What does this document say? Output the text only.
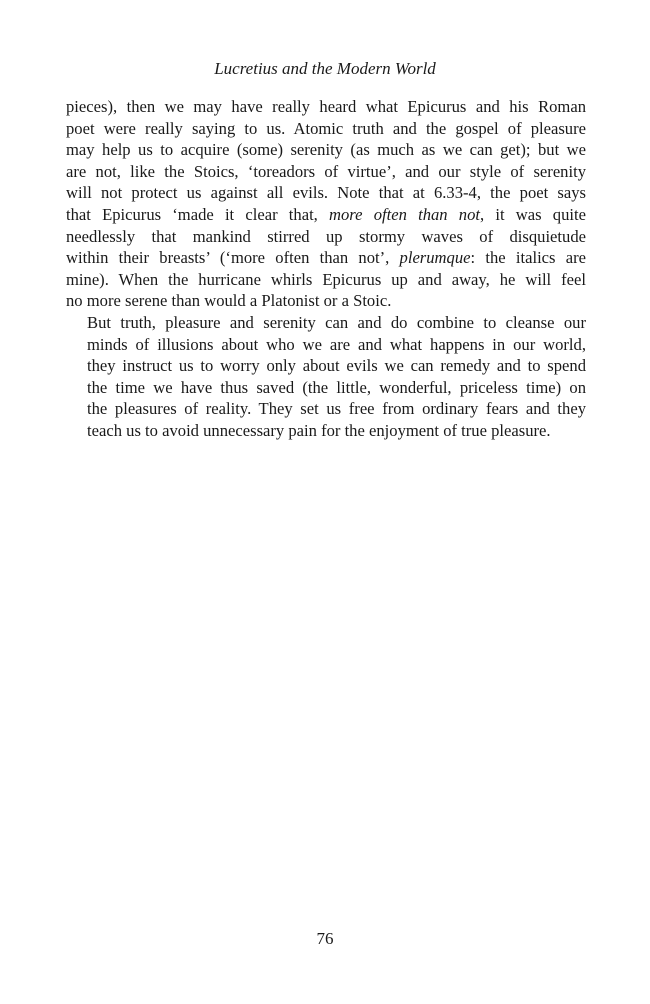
Lucretius and the Modern World

pieces), then we may have really heard what Epicurus and his Roman
poet were really saying to us. Atomic truth and the gospel of pleasure
may help us to acquire (some) serenity (as much as we can get); but we
are not, like the Stoics, ‘toreadors of virtue’, and our style of serenity
will not protect us against all evils. Note that at 6.33-4, the poet says
that Epicurus ‘made it clear that, more often than not, it was quite
needlessly that mankind stirred up stormy waves of disquietude
within their breasts’ (‘more often than not’, plerumque: the italics are
mine). When the hurricane whirls Epicurus up and away, he will feel
no more serene than would a Platonist or a Stoic.

But truth, pleasure and serenity can and do combine to cleanse our
minds of illusions about who we are and what happens in our world,
they instruct us to worry only about evils we can remedy and to spend
the time we have thus saved (the little, wonderful, priceless time) on
the pleasures of reality. They set us free from ordinary fears and they
teach us to avoid unnecessary pain for the enjoyment of true pleasure.

76
